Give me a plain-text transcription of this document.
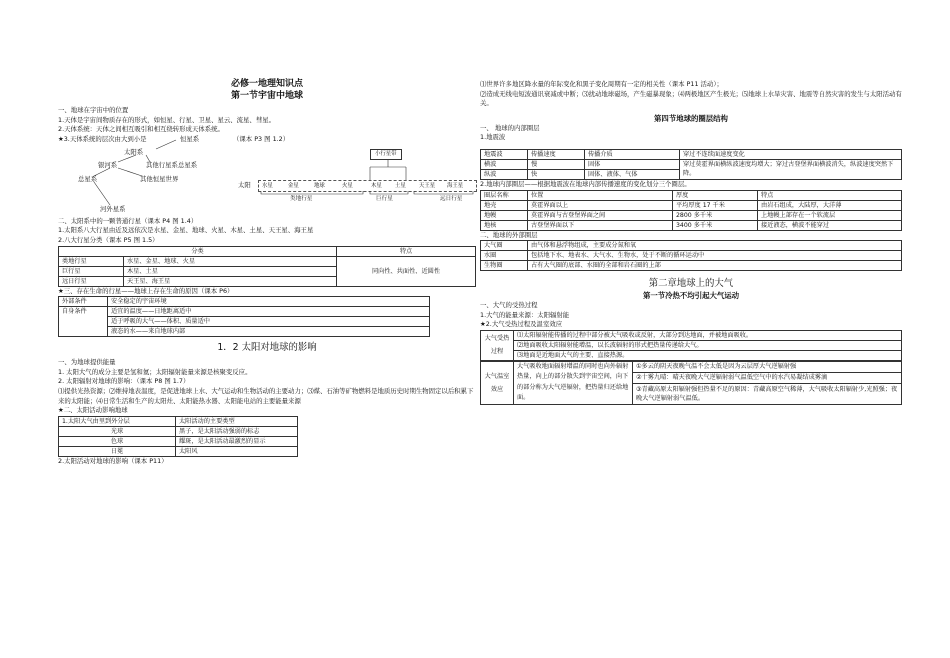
必修一地理知识点
第一节宇宙中地球

一、地球在宇宙中的位置

1.天体是宇宙间物质存在的形式，如恒星、行星、卫星、星云、流星、彗星。

2.天体系统：天体之间相互吸引和相互绕转形成天体系统。

★3.天体系统的层次由大到小是	恒星系	（课本 P3 图 1.2）
太阳系
银河系	其他行星系总星系
总星系	其他恒星世界
河外星系
小行星带
太阳 水星	金星	地球	火星	木星 土星 天王星 海王星
类地行星	巨行星	远日行星

二、太阳系中的一颗普通行星（课本 P4 图 1.4）

1.太阳系八大行星由近及远依次是水星、金星、地球、火星、木星、土星、天王星、海王星

2.八大行星分类（课本 P5 图 1.5）

分类		特点
类地行星	水星、金星、地球、火星	同向性、共面性、近圆性
巨行星	木星、土星	
远日行星	天王星、海王星	

★三、存在生命的行星——地球上存在生命的原因（课本 P6）

外部条件	安全稳定的宇宙环境
自身条件	适宜的温度——日地距离适中
	适于呼吸的大气——体积、质量适中
	液态的水——来自地球内部
1．2 太阳对地球的影响

一、为地球提供能量

1. 太阳大气的成分主要是氢和氦；太阳辐射能量来源是核聚变反应。

2. 太阳辐射对地球的影响：（课本 P8 图 1.7）

⑴提供光热资源；⑵维持地表温度，是促进地球上水、大气运动和生物活动的主要动力；⑶煤、石油等矿物燃料是地质历史时期生物固定以后积累下来的太阳能；⑷日常生活和生产的太阳灶、太阳能热水器、太阳能电站的主要能量来源

★二、太阳活动影响地球

1.太阳大气由里到外分层	太阳活动的主要类型
光球	黑子，是太阳活动强弱的标志
色球	耀斑，是太阳活动最激烈的显示
日冕	太阳风

2.太阳活动对地球的影响（课本 P11）

⑴世界许多地区降水量的年际变化和黑子变化周期有一定的相关性（课本 P11 活动）；

⑵造成无线电短波通讯衰减或中断；⑶扰动地球磁场，产生磁暴现象；⑷两极地区产生极光；⑸地球上水旱灾害、地震等自然灾害的发生与太阳活动有关。

第四节地球的圈层结构

一、 地球的内部圈层

1.地震波

地震波	传播速度	传播介质	穿过不连续面速度变化
横波	慢	固体	穿过莫霍界面横纵波速度均增大；穿过古登堡界面横波消失，纵波速度突然下降。
纵波	快	固体、液体、气体	

2.地球内部圈层——根据地震波在地球内部传播速度的变化划分三个圈层。

圈层名称	位置	厚度	特点
地壳	莫霍界面以上	平均厚度 17 千米	由岩石组成，大陆厚，大洋薄
地幔	莫霍界面与古登堡界面之间	2800 多千米	上地幔上部存在一个软流层
地核	古登堡界面以下	3400 多千米	接近液态，横波不能穿过

二、地球的外部圈层

大气圈	由气体和悬浮物组成，主要成分氮和氧
水圈	包括地下水、地表水、大气水、生物水，处于不断的循环运动中
生物圈	占有大气圈的底部、水圈的全部和岩石圈的上部
第二章地球上的大气
第一节冷热不均引起大气运动

一、大气的受热过程

1.大气的能量来源：太阳辐射能

★2.大气受热过程及温室效应

大气受热过程	⑴太阳辐射能传播的过程中部分被大气吸收或反射，大部分到达地面，并被地面吸收。
⑵地面吸收太阳辐射能增温，以长波辐射的形式把热量传递给大气。
⑶地面是近地面大气的主要、直接热源。
大气温室效应	大气吸收地面辐射增温的同时也向外辐射热量，向上的部分散失到宇宙空间，向下的部分称为大气逆辐射，把热量归还给地面。	①多云的阴天夜晚气温不会太低是因为云层厚大气逆辐射强
②十雾九晴：晴天夜晚大气逆辐射弱气温低空气中的水汽易凝结成雾滴
③青藏高原太阳辐射强但热量不足的原因：青藏高原空气稀薄，大气吸收太阳辐射少,光照强；夜晚大气逆辐射弱气温低。
